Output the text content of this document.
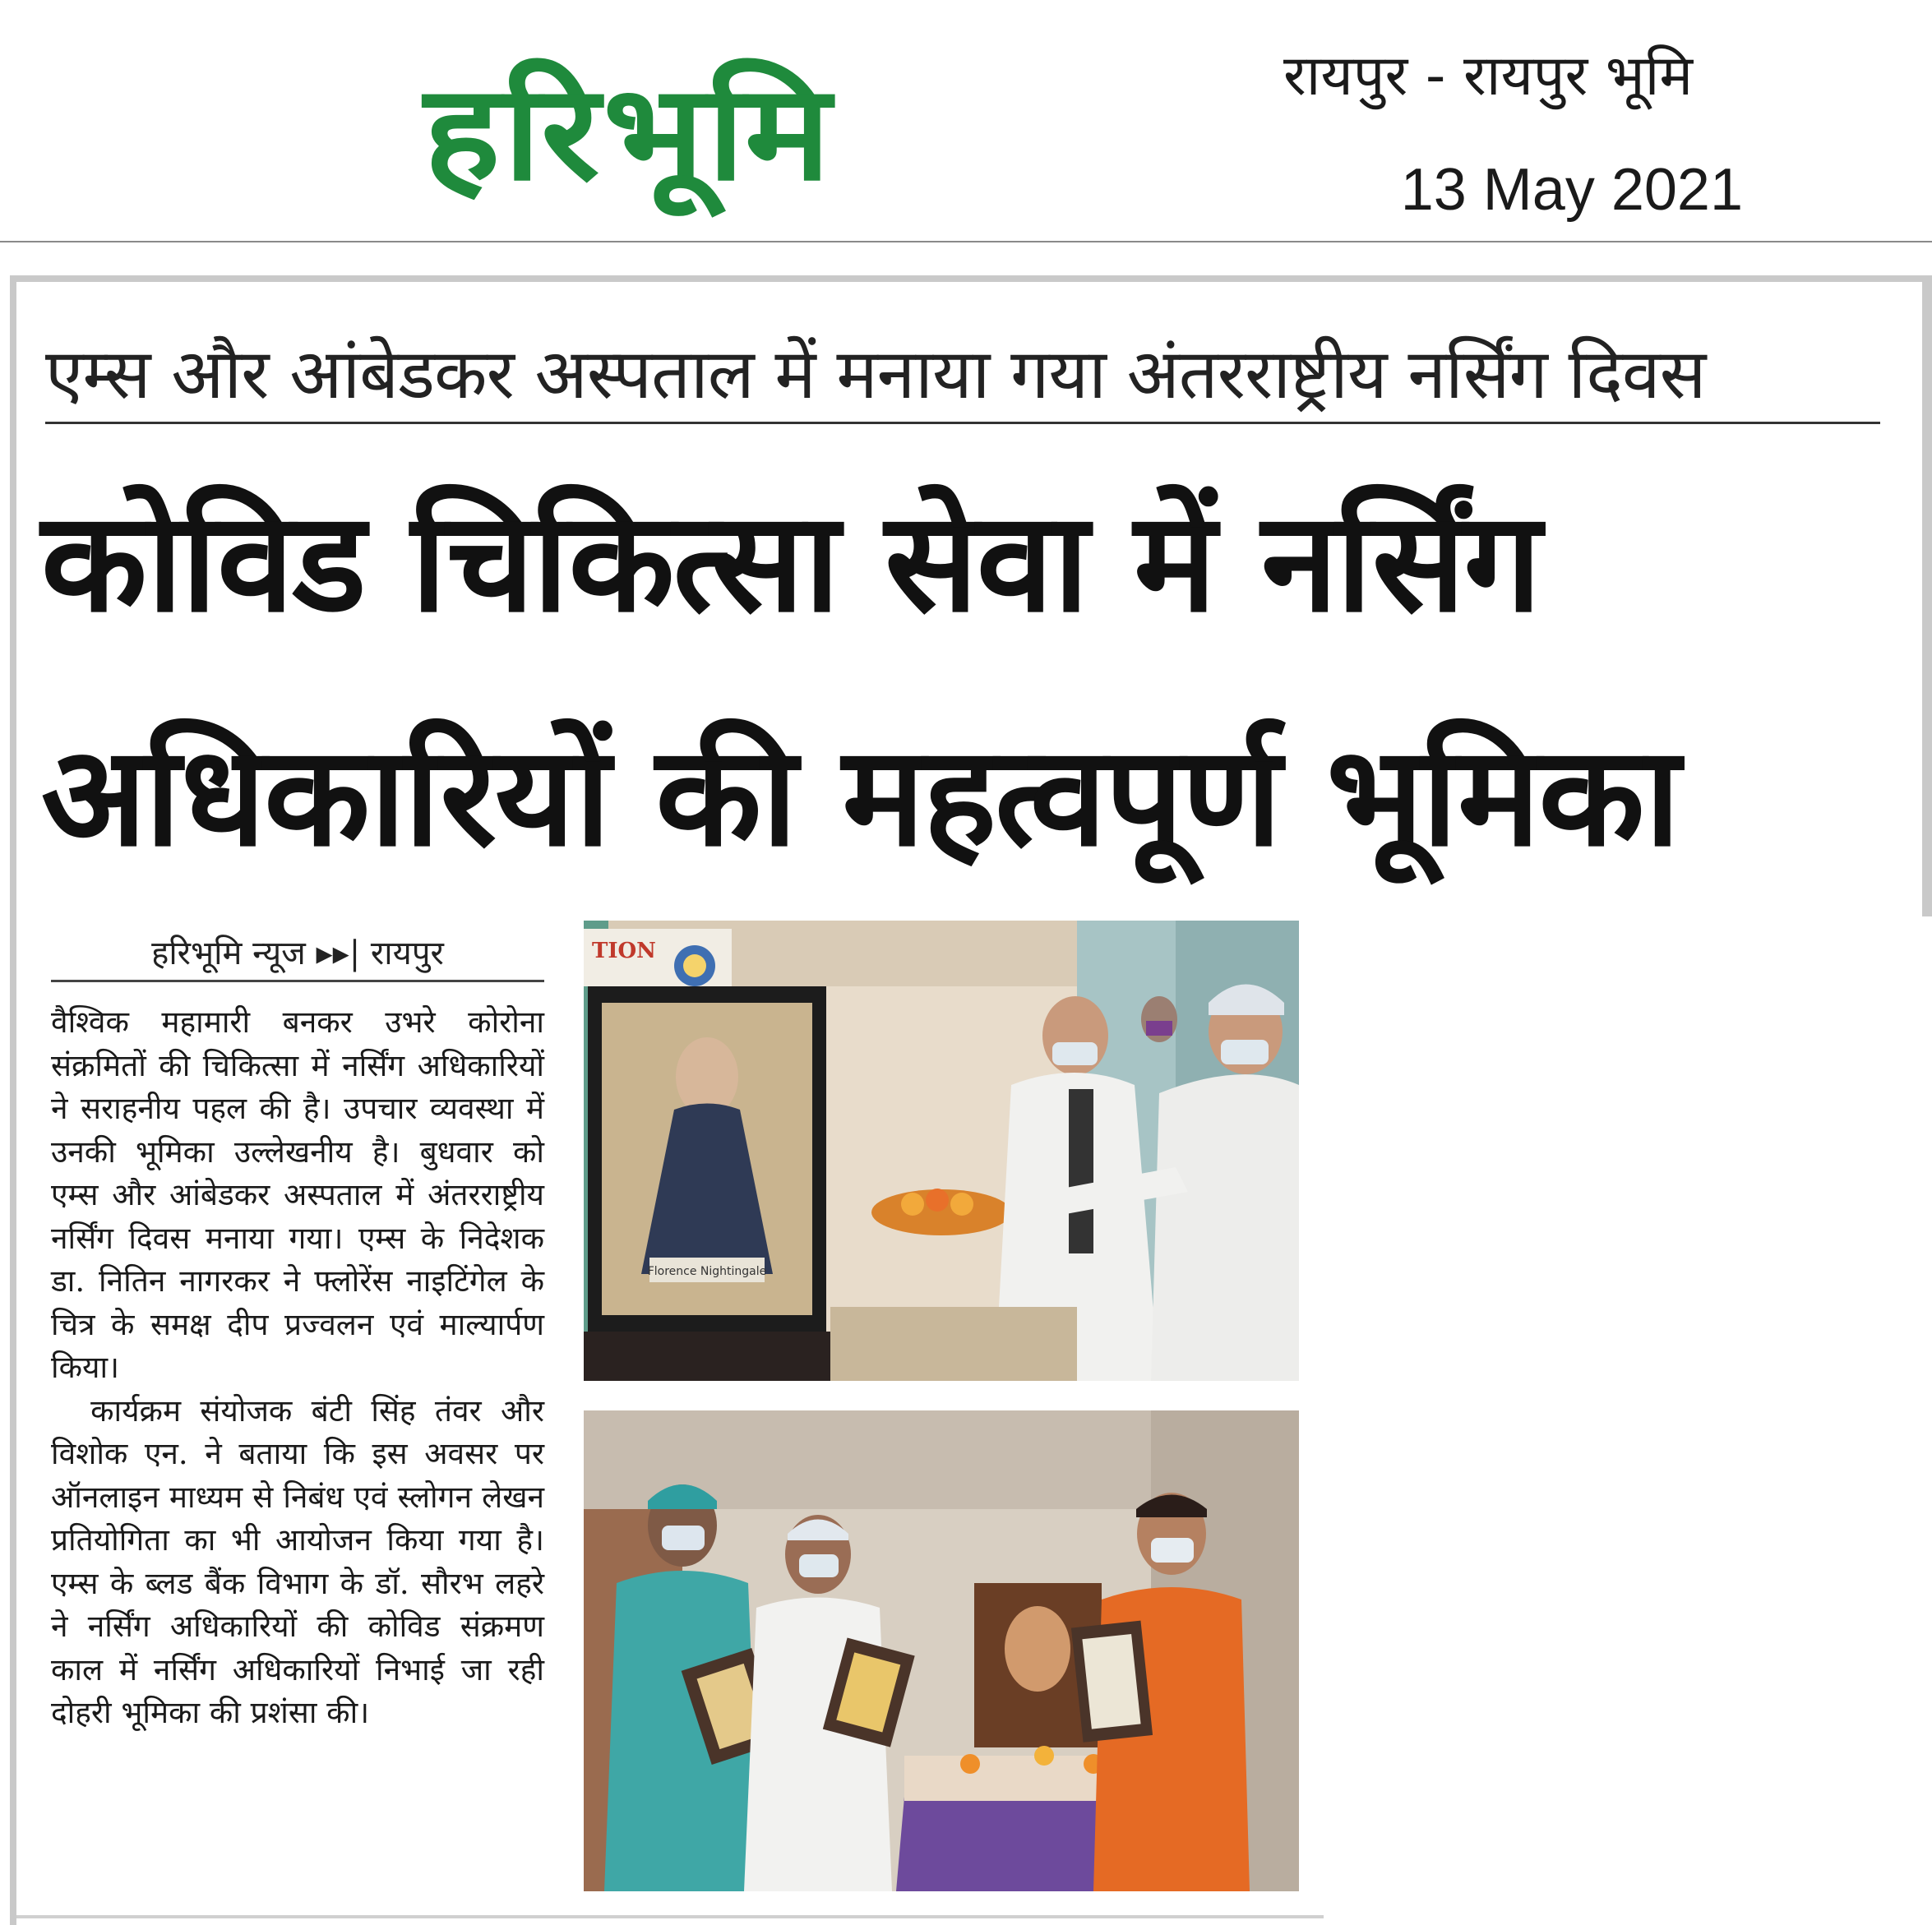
हरिभूमि	रायपुर - रायपुर भूमि
13 May 2021
एम्स और आंबेडकर अस्पताल में मनाया गया अंतरराष्ट्रीय नर्सिंग दिवस
कोविड चिकित्सा सेवा में नर्सिंग
अधिकारियों की महत्वपूर्ण भूमिका
हरिभूमि न्यूज ▸▸| रायपुर

वैश्विक महामारी बनकर उभरे कोरोना संक्रमितों की चिकित्सा में नर्सिंग अधिकारियों ने सराहनीय पहल की है। उपचार व्यवस्था में उनकी भूमिका उल्लेखनीय है। बुधवार को एम्स और आंबेडकर अस्पताल में अंतरराष्ट्रीय नर्सिंग दिवस मनाया गया। एम्स के निदेशक डा. नितिन नागरकर ने फ्लोरेंस नाइटिंगेल के चित्र के समक्ष दीप प्रज्वलन एवं माल्यार्पण किया।

कार्यक्रम संयोजक बंटी सिंह तंवर और विशोक एन. ने बताया कि इस अवसर पर ऑनलाइन माध्यम से निबंध एवं स्लोगन लेखन प्रतियोगिता का भी आयोजन किया गया है। एम्स के ब्लड बैंक विभाग के डॉ. सौरभ लहरे ने नर्सिंग अधिकारियों की कोविड संक्रमण काल में नर्सिंग अधिकारियों निभाई जा रही दोहरी भूमिका की प्रशंसा की।

TION
Florence Nightingale
